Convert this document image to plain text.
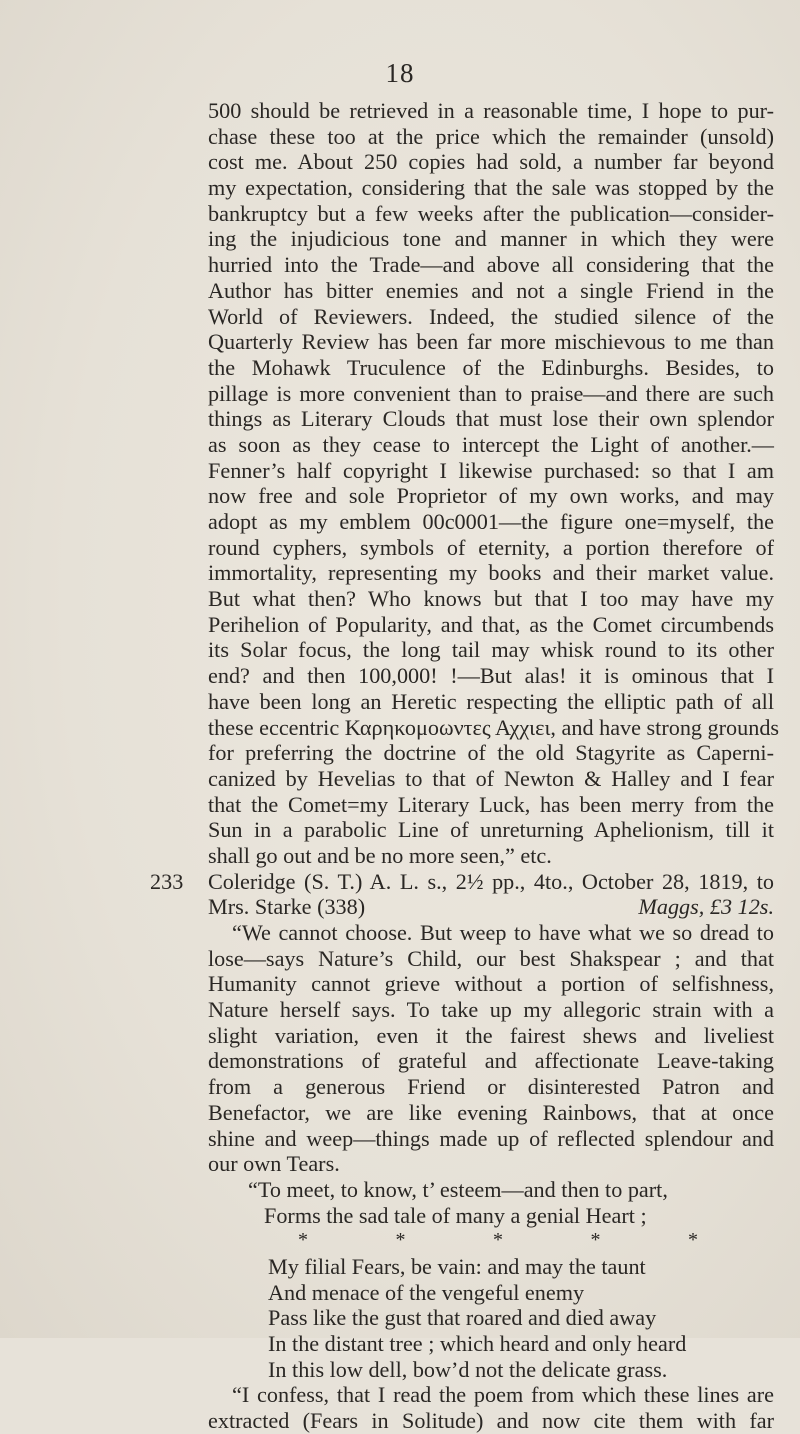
18
500 should be retrieved in a reasonable time, I hope to pur-
chase these too at the price which the remainder (unsold)
cost me. About 250 copies had sold, a number far beyond
my expectation, considering that the sale was stopped by the
bankruptcy but a few weeks after the publication—consider-
ing the injudicious tone and manner in which they were
hurried into the Trade—and above all considering that the
Author has bitter enemies and not a single Friend in the
World of Reviewers. Indeed, the studied silence of the
Quarterly Review has been far more mischievous to me than
the Mohawk Truculence of the Edinburghs. Besides, to
pillage is more convenient than to praise—and there are such
things as Literary Clouds that must lose their own splendor
as soon as they cease to intercept the Light of another.—
Fenner’s half copyright I likewise purchased: so that I am
now free and sole Proprietor of my own works, and may
adopt as my emblem 00c0001—the figure one=myself, the
round cyphers, symbols of eternity, a portion therefore of
immortality, representing my books and their market value.
But what then? Who knows but that I too may have my
Perihelion of Popularity, and that, as the Comet circumbends
its Solar focus, the long tail may whisk round to its other
end? and then 100,000! !—But alas! it is ominous that I
have been long an Heretic respecting the elliptic path of all
these eccentric Καρηκομοωντες Αχχιει, and have strong grounds
for preferring the doctrine of the old Stagyrite as Caperni-
canized by Hevelias to that of Newton & Halley and I fear
that the Comet=my Literary Luck, has been merry from the
Sun in a parabolic Line of unreturning Aphelionism, till it
shall go out and be no more seen,” etc.
233 Coleridge (S. T.) A. L. s., 2½ pp., 4to., October 28, 1819, to
Mrs. Starke (338)	Maggs, £3 12s.
“We cannot choose. But weep to have what we so dread to
lose—says Nature’s Child, our best Shakspear ; and that
Humanity cannot grieve without a portion of selfishness,
Nature herself says. To take up my allegoric strain with a
slight variation, even it the fairest shews and liveliest
demonstrations of grateful and affectionate Leave-taking
from a generous Friend or disinterested Patron and
Benefactor, we are like evening Rainbows, that at once
shine and weep—things made up of reflected splendour and
our own Tears.
“To meet, to know, t’ esteem—and then to part,
Forms the sad tale of many a genial Heart ;
*	*	*	*	*
My filial Fears, be vain: and may the taunt
And menace of the vengeful enemy
Pass like the gust that roared and died away
In the distant tree ; which heard and only heard
In this low dell, bow’d not the delicate grass.
“I confess, that I read the poem from which these lines are
extracted (Fears in Solitude) and now cite them with far
